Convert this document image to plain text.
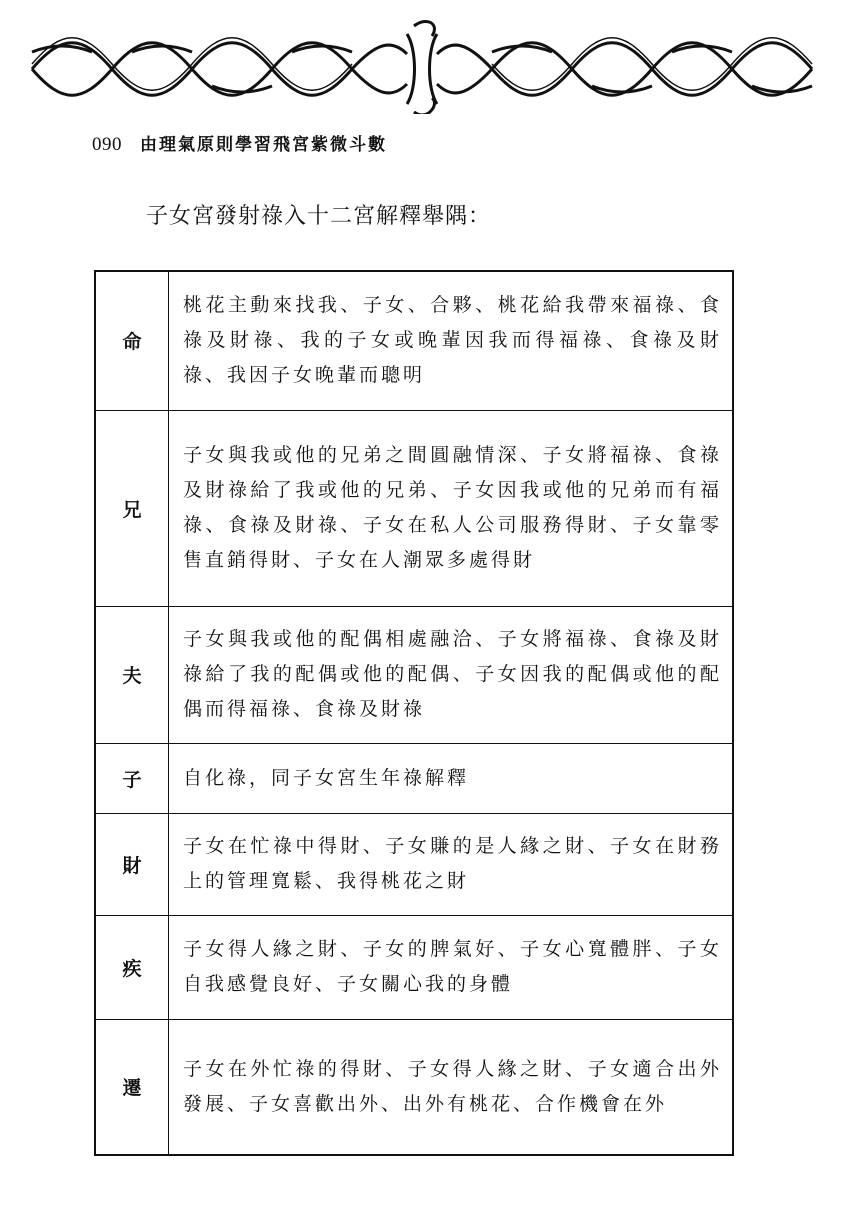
090 由理氣原則學習飛宮紫微斗數
子女宮發射祿入十二宮解釋舉隅：
命	桃花主動來找我、子女、合夥、桃花給我帶來福祿、食祿及財祿、我的子女或晚輩因我而得福祿、食祿及財祿、我因子女晚輩而聰明
兄	子女與我或他的兄弟之間圓融情深、子女將福祿、食祿及財祿給了我或他的兄弟、子女因我或他的兄弟而有福祿、食祿及財祿、子女在私人公司服務得財、子女靠零售直銷得財、子女在人潮眾多處得財
夫	子女與我或他的配偶相處融洽、子女將福祿、食祿及財祿給了我的配偶或他的配偶、子女因我的配偶或他的配偶而得福祿、食祿及財祿
子	自化祿，同子女宮生年祿解釋
財	子女在忙祿中得財、子女賺的是人緣之財、子女在財務上的管理寬鬆、我得桃花之財
疾	子女得人緣之財、子女的脾氣好、子女心寬體胖、子女自我感覺良好、子女關心我的身體
遷	子女在外忙祿的得財、子女得人緣之財、子女適合出外發展、子女喜歡出外、出外有桃花、合作機會在外
